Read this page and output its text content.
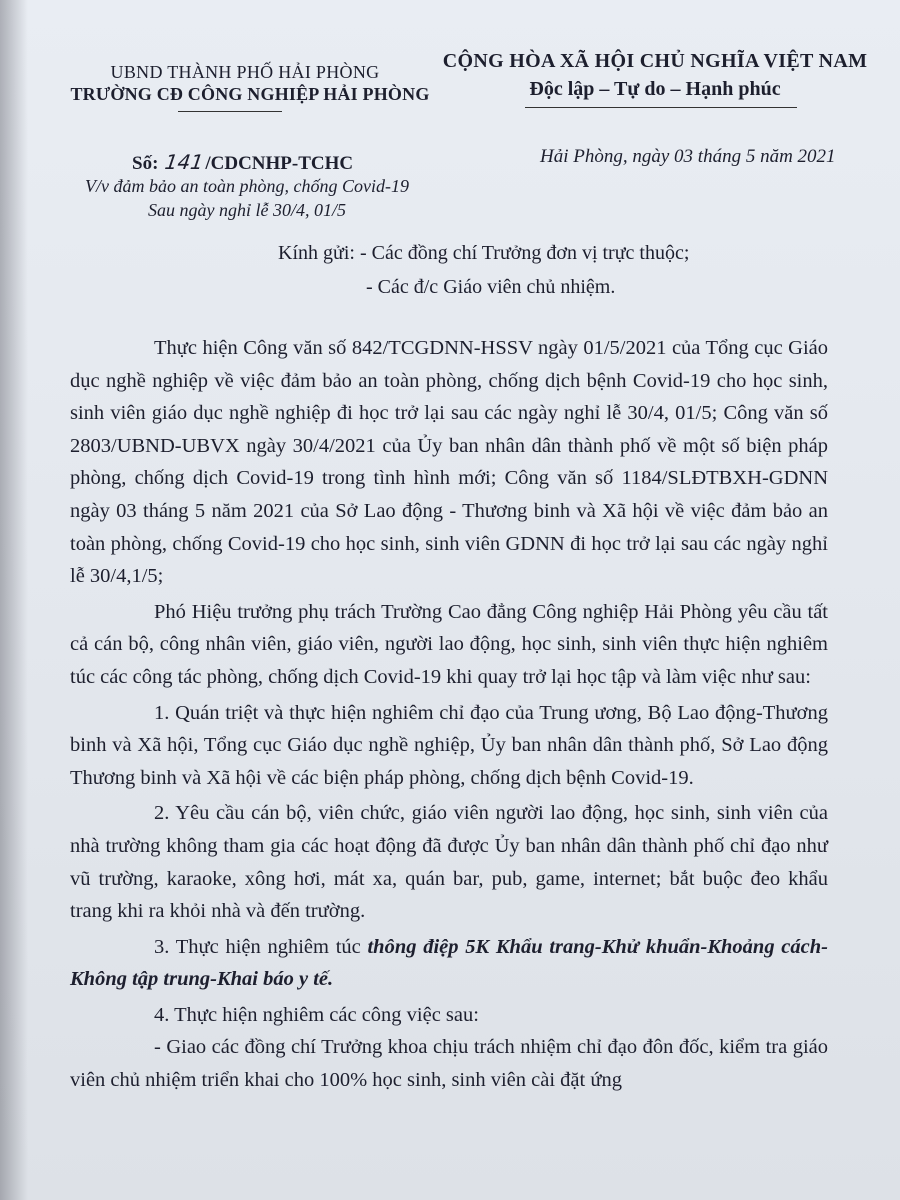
UBND THÀNH PHỐ HẢI PHÒNG
TRƯỜNG CĐ CÔNG NGHIỆP HẢI PHÒNG
CỘNG HÒA XÃ HỘI CHỦ NGHĨA VIỆT NAM
Độc lập – Tự do – Hạnh phúc
Số: 141/CDCNHP-TCHC	Hải Phòng, ngày 03 tháng 5 năm 2021
V/v đảm bảo an toàn phòng, chống Covid-19
Sau ngày nghỉ lễ 30/4, 01/5
Kính gửi: - Các đồng chí Trưởng đơn vị trực thuộc;
- Các đ/c Giáo viên chủ nhiệm.

Thực hiện Công văn số 842/TCGDNN-HSSV ngày 01/5/2021 của Tổng cục Giáo dục nghề nghiệp về việc đảm bảo an toàn phòng, chống dịch bệnh Covid-19 cho học sinh, sinh viên giáo dục nghề nghiệp đi học trở lại sau các ngày nghỉ lễ 30/4, 01/5; Công văn số 2803/UBND-UBVX ngày 30/4/2021 của Ủy ban nhân dân thành phố về một số biện pháp phòng, chống dịch Covid-19 trong tình hình mới; Công văn số 1184/SLĐTBXH-GDNN ngày 03 tháng 5 năm 2021 của Sở Lao động - Thương binh và Xã hội về việc đảm bảo an toàn phòng, chống Covid-19 cho học sinh, sinh viên GDNN đi học trở lại sau các ngày nghỉ lễ 30/4,1/5;

Phó Hiệu trưởng phụ trách Trường Cao đẳng Công nghiệp Hải Phòng yêu cầu tất cả cán bộ, công nhân viên, giáo viên, người lao động, học sinh, sinh viên thực hiện nghiêm túc các công tác phòng, chống dịch Covid-19 khi quay trở lại học tập và làm việc như sau:

1. Quán triệt và thực hiện nghiêm chỉ đạo của Trung ương, Bộ Lao động-Thương binh và Xã hội, Tổng cục Giáo dục nghề nghiệp, Ủy ban nhân dân thành phố, Sở Lao động Thương binh và Xã hội về các biện pháp phòng, chống dịch bệnh Covid-19.

2. Yêu cầu cán bộ, viên chức, giáo viên người lao động, học sinh, sinh viên của nhà trường không tham gia các hoạt động đã được Ủy ban nhân dân thành phố chỉ đạo như vũ trường, karaoke, xông hơi, mát xa, quán bar, pub, game, internet; bắt buộc đeo khẩu trang khi ra khỏi nhà và đến trường.

3. Thực hiện nghiêm túc thông điệp 5K Khẩu trang-Khử khuẩn-Khoảng cách-Không tập trung-Khai báo y tế.

4. Thực hiện nghiêm các công việc sau:

- Giao các đồng chí Trưởng khoa chịu trách nhiệm chỉ đạo đôn đốc, kiểm tra giáo viên chủ nhiệm triển khai cho 100% học sinh, sinh viên cài đặt ứng
